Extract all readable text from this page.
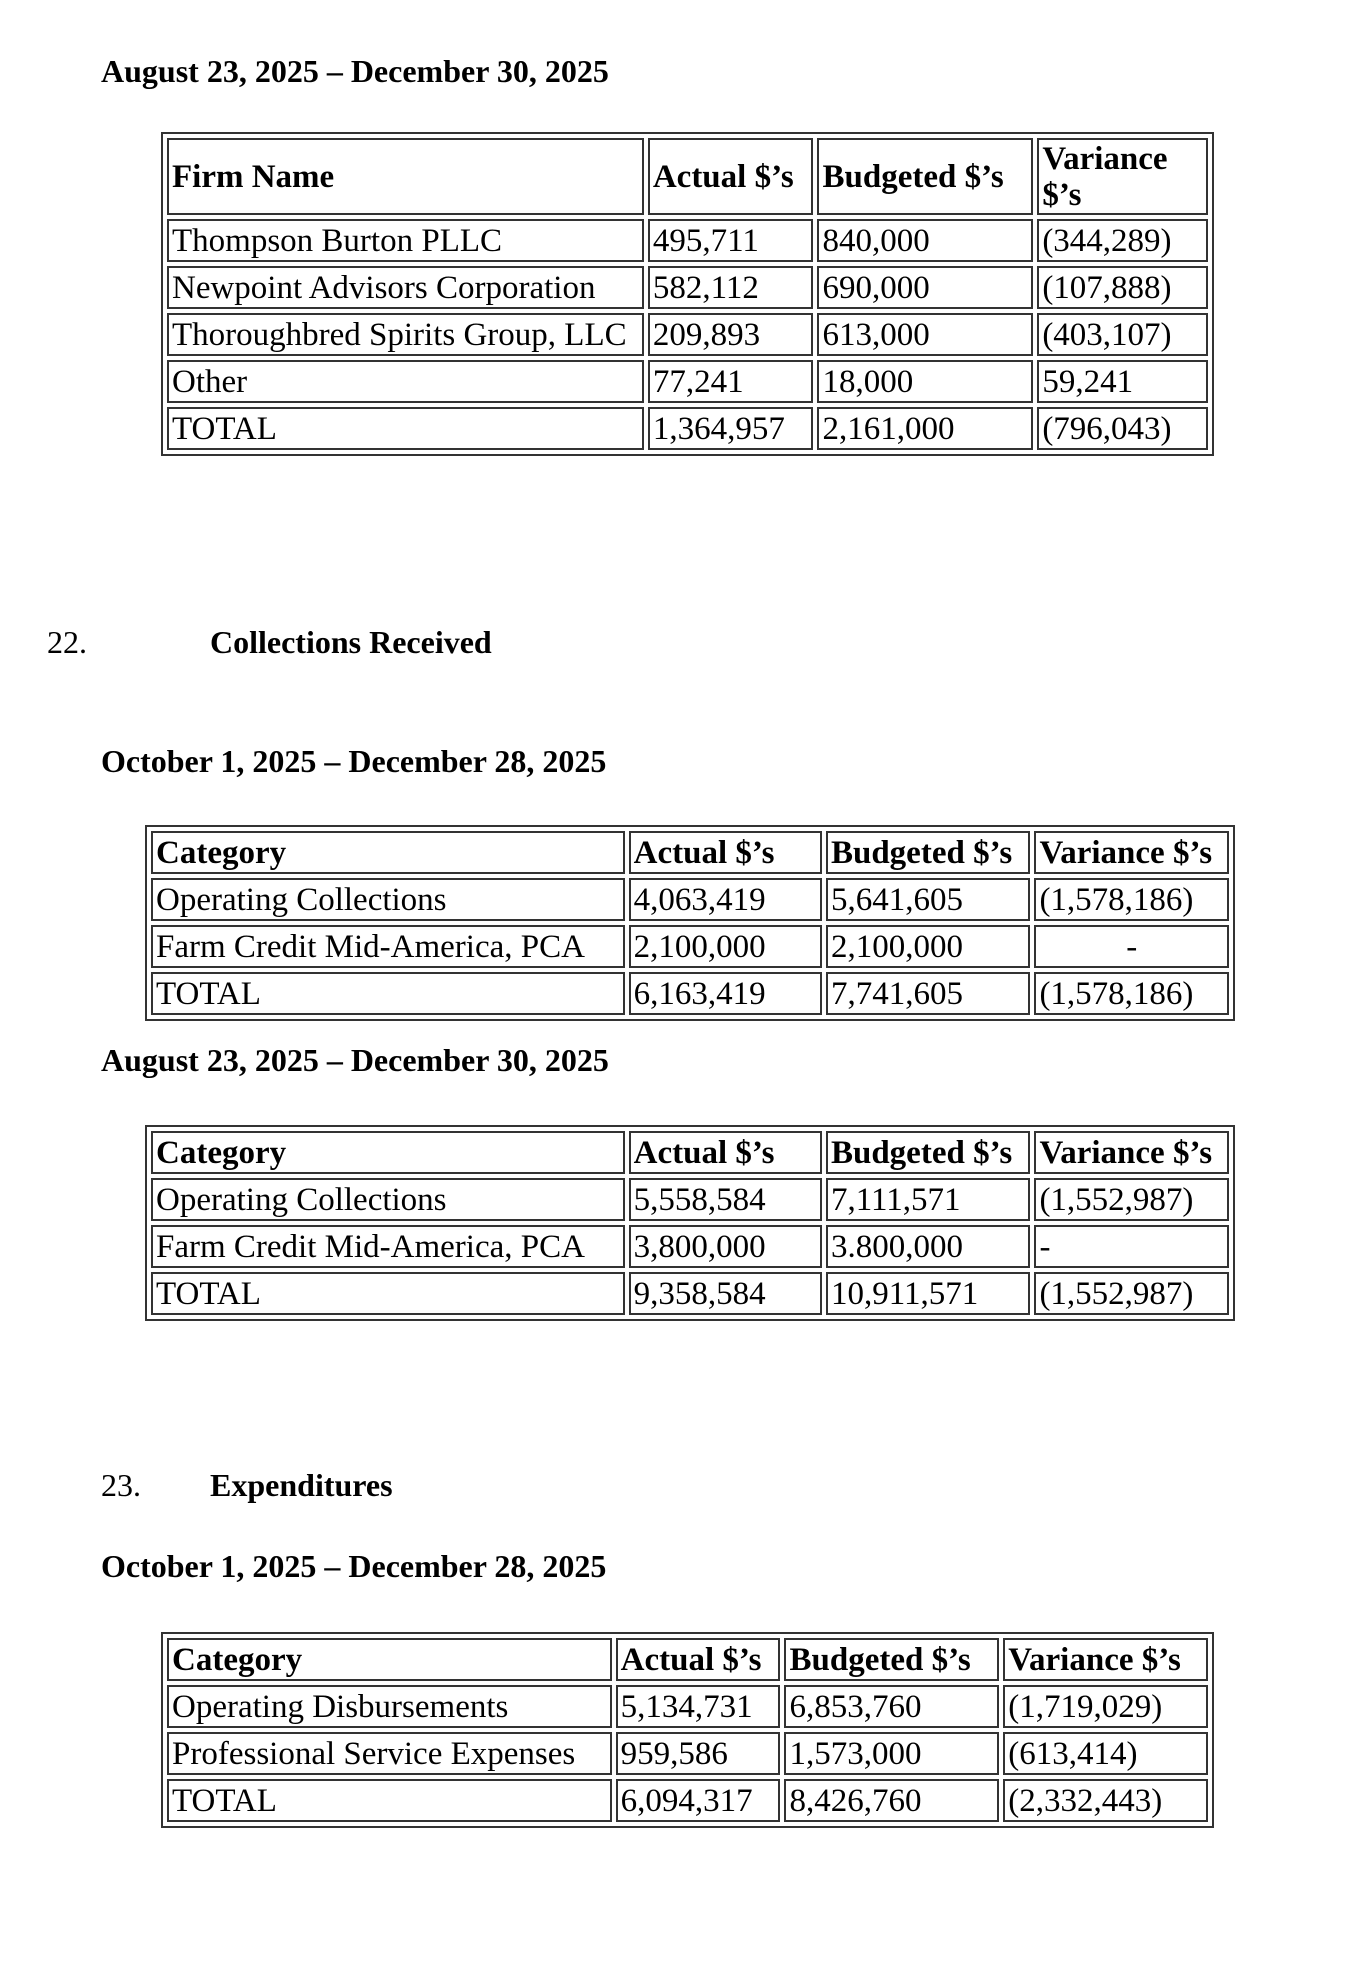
August 23, 2025 – December 30, 2025
Firm Name	Actual $’s	Budgeted $’s	Variance $’s
Thompson Burton PLLC	495,711	840,000	(344,289)
Newpoint Advisors Corporation	582,112	690,000	(107,888)
Thoroughbred Spirits Group, LLC	209,893	613,000	(403,107)
Other	77,241	18,000	59,241
TOTAL	1,364,957	2,161,000	(796,043)
22.	Collections Received
October 1, 2025 – December 28, 2025
Category	Actual $’s	Budgeted $’s	Variance $’s
Operating Collections	4,063,419	5,641,605	(1,578,186)
Farm Credit Mid-America, PCA	2,100,000	2,100,000	-
TOTAL	6,163,419	7,741,605	(1,578,186)
August 23, 2025 – December 30, 2025
Category	Actual $’s	Budgeted $’s	Variance $’s
Operating Collections	5,558,584	7,111,571	(1,552,987)
Farm Credit Mid-America, PCA	3,800,000	3.800,000	-
TOTAL	9,358,584	10,911,571	(1,552,987)
23. Expenditures
October 1, 2025 – December 28, 2025
Category	Actual $’s	Budgeted $’s	Variance $’s
Operating Disbursements	5,134,731	6,853,760	(1,719,029)
Professional Service Expenses	959,586	1,573,000	(613,414)
TOTAL	6,094,317	8,426,760	(2,332,443)
